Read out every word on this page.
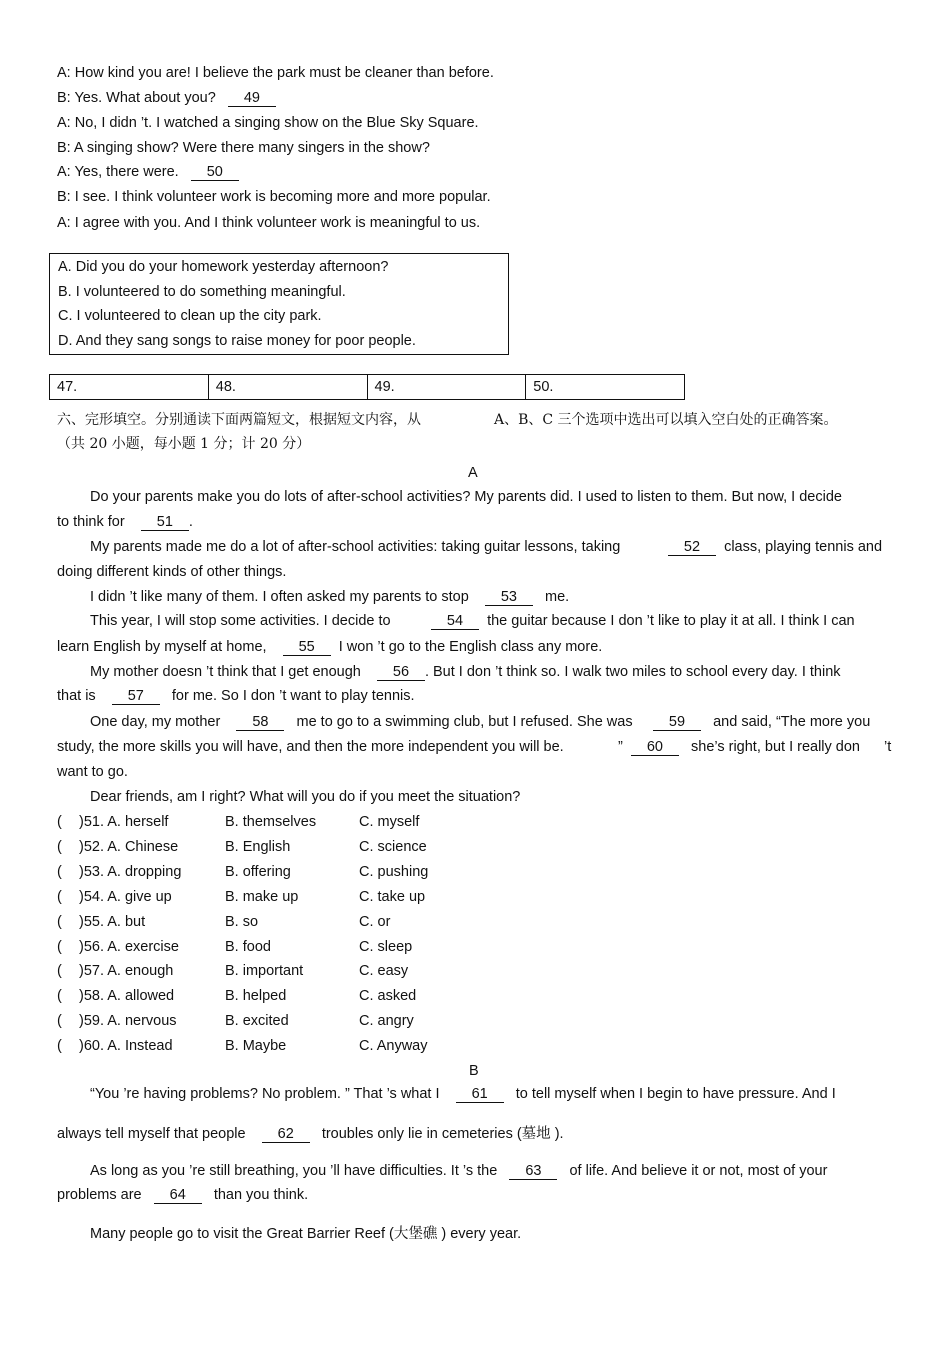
A: How kind you are! I believe the park must be cleaner than before.
B: Yes. What about you? 49
A: No, I didn ’t. I watched a singing show on the Blue Sky Square.
B: A singing show? Were there many singers in the show?
A: Yes, there were. 50
B: I see. I think volunteer work is becoming more and more popular.
A: I agree with you. And I think volunteer work is meaningful to us.
A. Did you do your homework yesterday afternoon?
B. I volunteered to do something meaningful.
C. I volunteered to clean up the city park.
D. And they sang songs to raise money for poor people.
47.	48.	49.	50.
六、完形填空。分别通读下面两篇短文，根据短文内容，从	A、B、C 三个选项中选出可以填入空白处的正确答案。
（共 20 小题，每小题 1 分；计 20 分）
A
Do your parents make you do lots of after-school activities? My parents did. I used to listen to them. But now, I decide
to think for 51 .
My parents made me do a lot of after-school activities: taking guitar lessons, taking	52 class, playing tennis and
doing different kinds of other things.
I didn ’t like many of them. I often asked my parents to stop 53 me.
This year, I will stop some activities. I decide to	54 the guitar because I don ’t like to play it at all. I think I can
learn English by myself at home, 55 I won ’t go to the English class any more.
My mother doesn ’t think that I get enough 56 . But I don ’t think so. I walk two miles to school every day. I think
that is 57 for me. So I don ’t want to play tennis.
One day, my mother 58 me to go to a swimming club, but I refused. She was	59 and said, “The more you
study, the more skills you will have, and then the more independent you will be.	” 60 she’s right, but I really don ’t
want to go.
Dear friends, am I right? What will you do if you meet the situation?
( )51. A. herself	B. themselves	C. myself
( )52. A. Chinese	B. English	C. science
( )53. A. dropping	B. offering	C. pushing
( )54. A. give up	B. make up	C. take up
( )55. A. but	B. so	C. or
( )56. A. exercise	B. food	C. sleep
( )57. A. enough	B. important	C. easy
( )58. A. allowed	B. helped	C. asked
( )59. A. nervous	B. excited	C. angry
( )60. A. Instead	B. Maybe	C. Anyway
B
“You ’re having problems? No problem. ” That ’s what I 61 to tell myself when I begin to have pressure. And I
always tell myself that people 62 troubles only lie in cemeteries (墓地 ).
As long as you ’re still breathing, you ’ll have difficulties. It ’s the 63 of life. And believe it or not, most of your
problems are 64 than you think.
Many people go to visit the Great Barrier Reef (大堡礁 ) every year.
